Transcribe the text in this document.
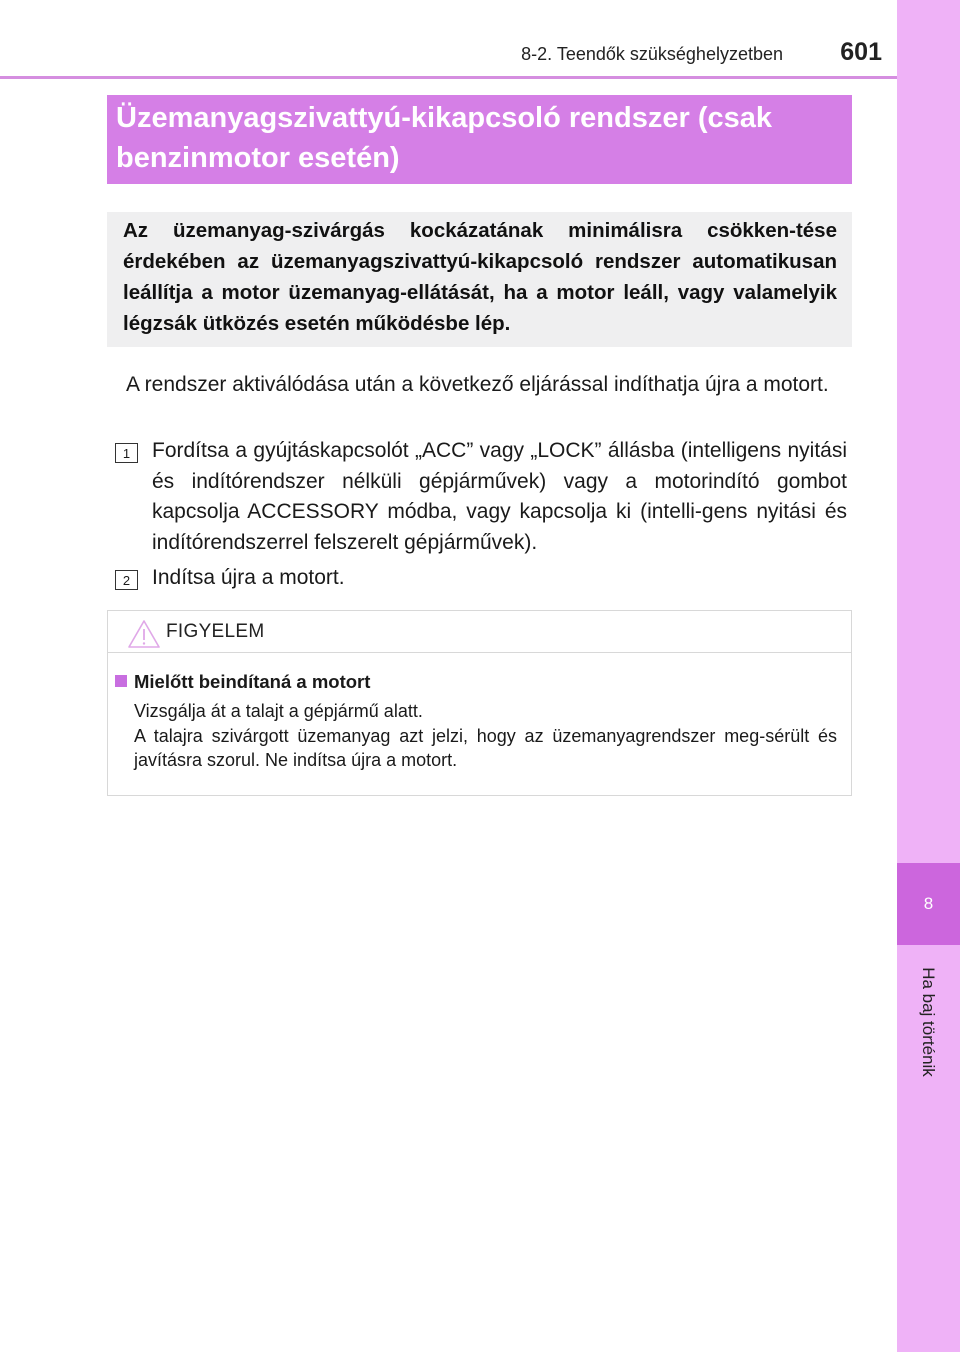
8
Ha baj történik
8-2. Teendők szükséghelyzetben 601
Üzemanyagszivattyú-kikapcsoló rendszer (csak benzinmotor esetén)
Az üzemanyag-szivárgás kockázatának minimálisra csökken-tése érdekében az üzemanyagszivattyú-kikapcsoló rendszer automatikusan leállítja a motor üzemanyag-ellátását, ha a motor leáll, vagy valamelyik légzsák ütközés esetén működésbe lép.
A rendszer aktiválódása után a következő eljárással indíthatja újra a motort.
1	Fordítsa a gyújtáskapcsolót „ACC” vagy „LOCK” állásba (intelligens nyitási és indítórendszer nélküli gépjárművek) vagy a motorindító gombot kapcsolja ACCESSORY módba, vagy kapcsolja ki (intelli-gens nyitási és indítórendszerrel felszerelt gépjárművek).
2	Indítsa újra a motort.
FIGYELEM
Mielőtt beindítaná a motort
Vizsgálja át a talajt a gépjármű alatt.
A talajra szivárgott üzemanyag azt jelzi, hogy az üzemanyagrendszer meg-sérült és javításra szorul. Ne indítsa újra a motort.
